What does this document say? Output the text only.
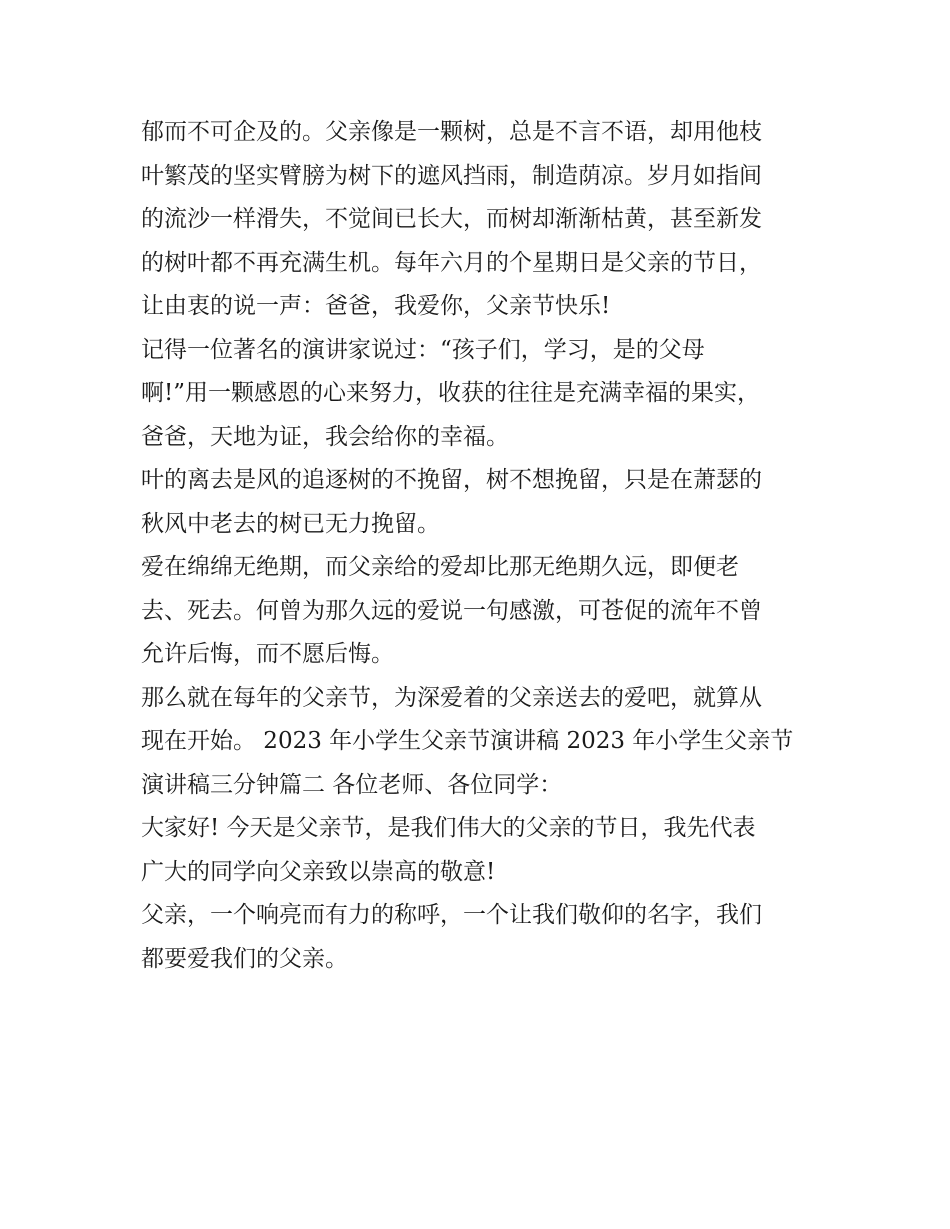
郁而不可企及的。父亲像是一颗树，总是不言不语，却用他枝
叶繁茂的坚实臂膀为树下的遮风挡雨，制造荫凉。岁月如指间
的流沙一样滑失，不觉间已长大，而树却渐渐枯黄，甚至新发
的树叶都不再充满生机。每年六月的个星期日是父亲的节日，
让由衷的说一声：爸爸，我爱你，父亲节快乐!

记得一位著名的演讲家说过：“孩子们，学习，是的父母
啊!”用一颗感恩的心来努力，收获的往往是充满幸福的果实，
爸爸，天地为证，我会给你的幸福。

叶的离去是风的追逐树的不挽留，树不想挽留，只是在萧瑟的
秋风中老去的树已无力挽留。

爱在绵绵无绝期，而父亲给的爱却比那无绝期久远，即便老
去、死去。何曾为那久远的爱说一句感激，可苍促的流年不曾
允许后悔，而不愿后悔。

那么就在每年的父亲节，为深爱着的父亲送去的爱吧，就算从
现在开始。 2023 年小学生父亲节演讲稿 2023 年小学生父亲节
演讲稿三分钟篇二 各位老师、各位同学：

大家好! 今天是父亲节，是我们伟大的父亲的节日，我先代表
广大的同学向父亲致以崇高的敬意!

父亲，一个响亮而有力的称呼，一个让我们敬仰的名字，我们
都要爱我们的父亲。
